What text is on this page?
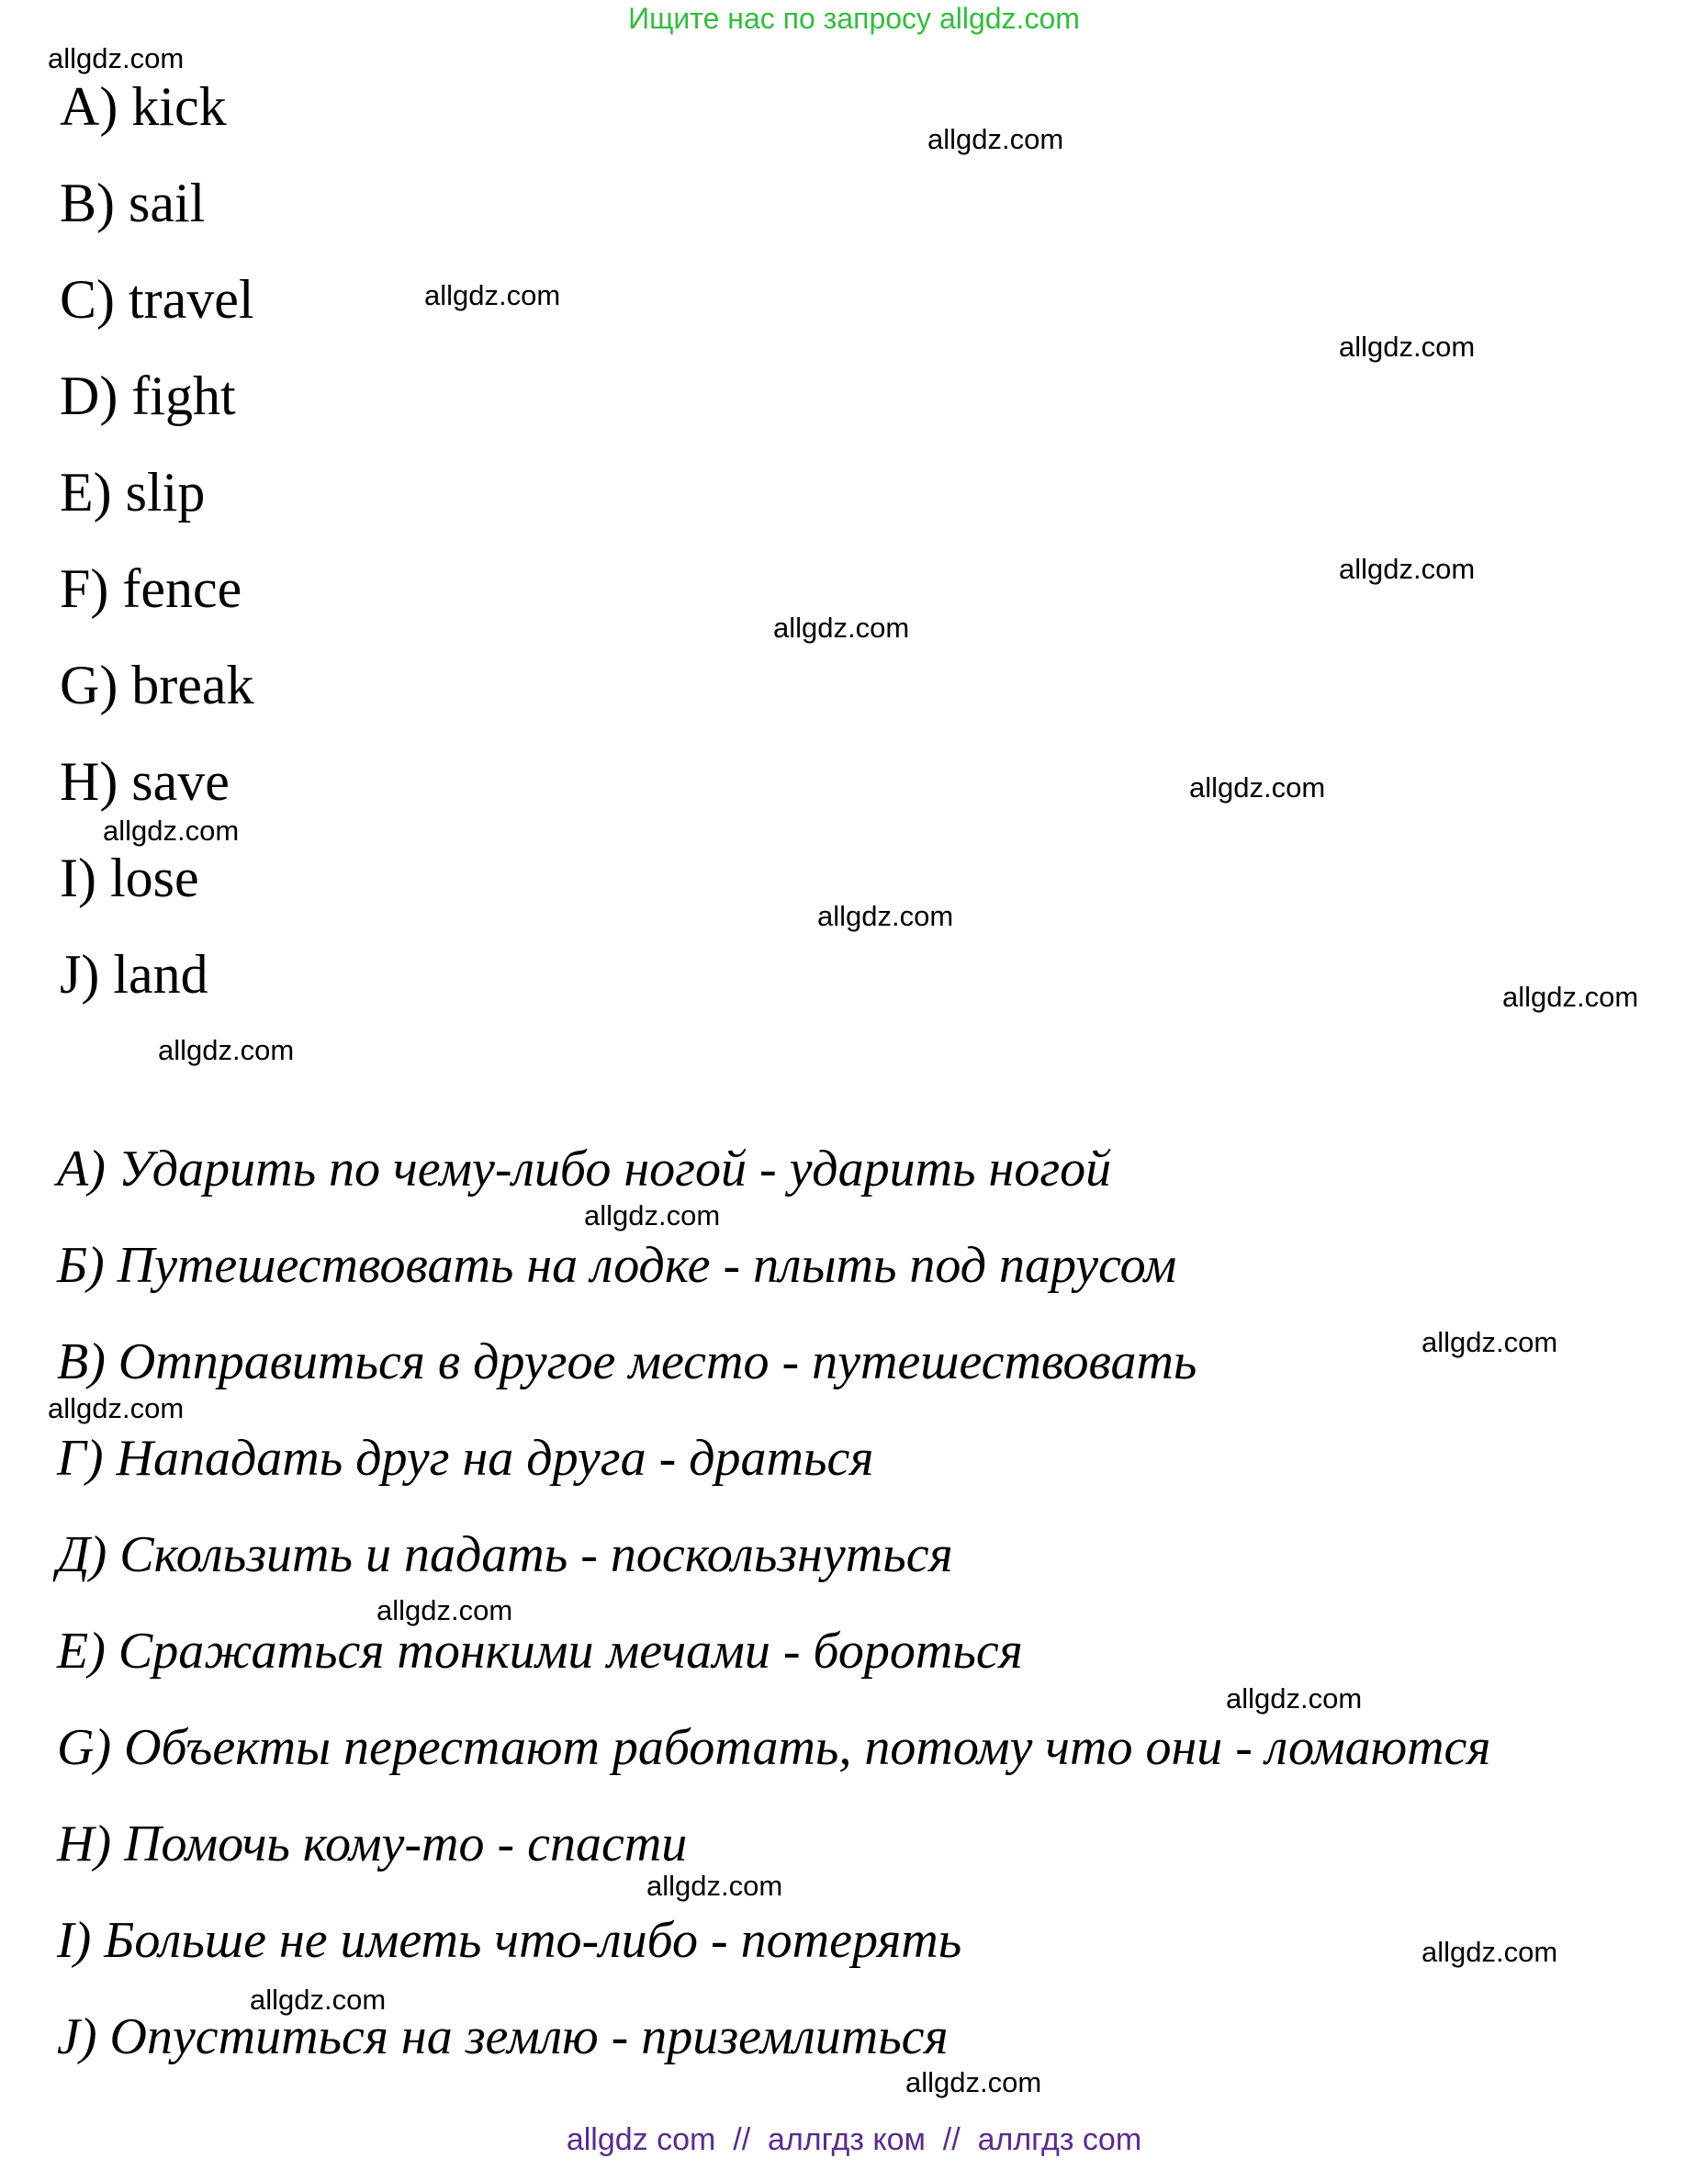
Ищите нас по запросу allgdz.com
A) kick
B) sail
C) travel
D) fight
E) slip
F) fence
G) break
H) save
I) lose
J) land
А) Ударить по чему-либо ногой - ударить ногой
Б) Путешествовать на лодке - плыть под парусом
В) Отправиться в другое место - путешествовать
Г) Нападать друг на друга - драться
Д) Скользить и падать - поскользнуться
Е) Сражаться тонкими мечами - бороться
G) Объекты перестают работать, потому что они - ломаются
H) Помочь кому-то - спасти
I) Больше не иметь что-либо - потерять
J) Опуститься на землю - приземлиться
allgdz.com
allgdz.com
allgdz.com
allgdz.com
allgdz.com
allgdz.com
allgdz.com
allgdz.com
allgdz.com
allgdz.com
allgdz.com
allgdz.com
allgdz.com
allgdz.com
allgdz.com
allgdz.com
allgdz.com
allgdz.com
allgdz.com
allgdz.com
allgdz com  //  аллгдз ком  //  аллгдз com
